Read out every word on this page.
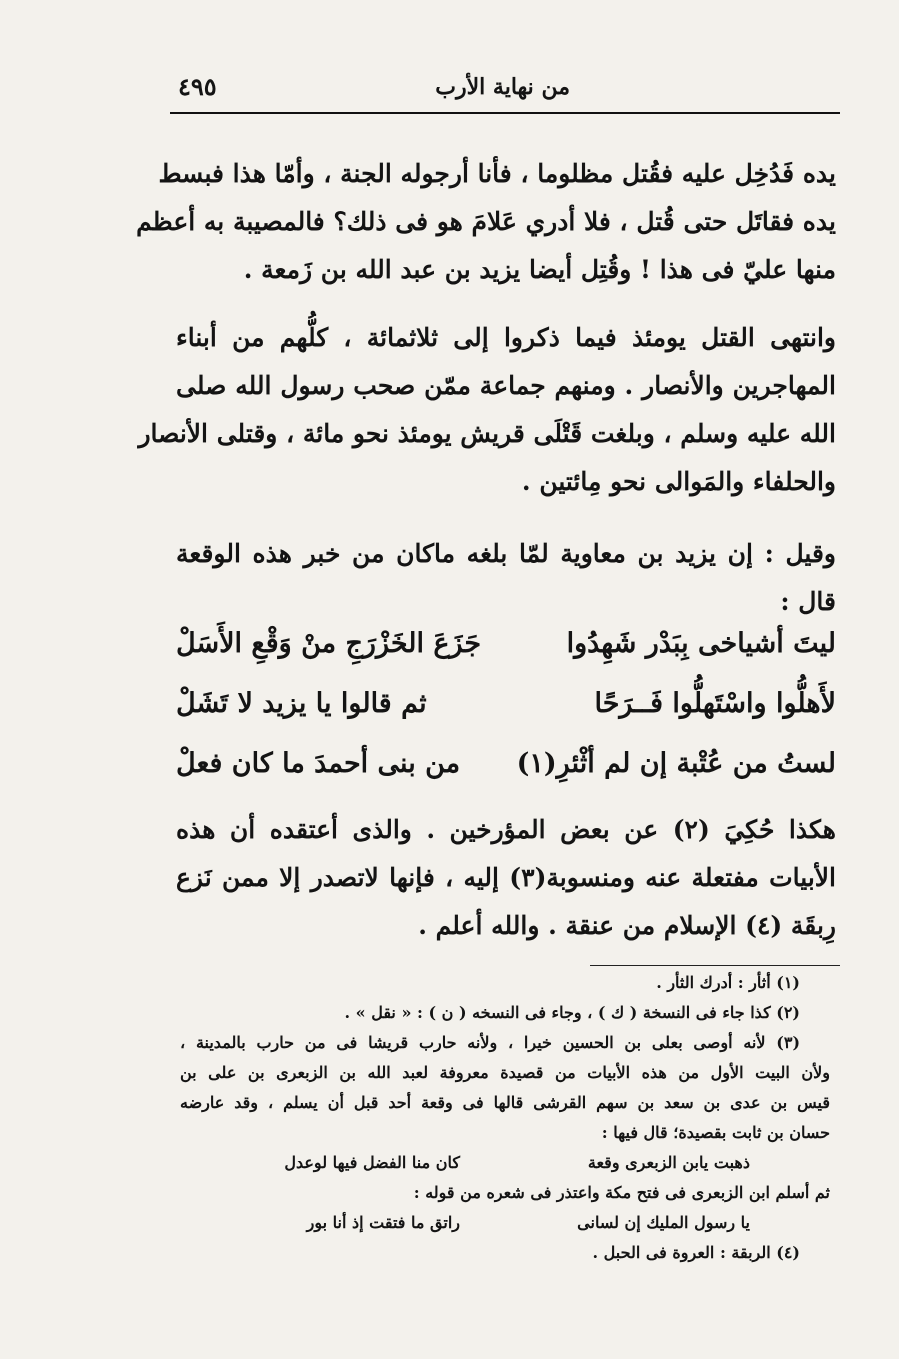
من نهاية الأرب
٤٩٥
يده فَدُخِل عليه فقُتل مظلوما ، فأنا أرجوله الجنة ، وأمّا هذا فبسط
يده فقاتَل حتى قُتل ، فلا أدري عَلامَ هو فى ذلك؟ فالمصيبة به أعظم
منها عليّ فى هذا ! وقُتِل أيضا يزيد بن عبد الله بن زَمعة .
وانتهى القتل يومئذ فيما ذكروا إلى ثلاثمائة ، كلُّهم من أبناء
المهاجرين والأنصار . ومنهم جماعة ممّن صحب رسول الله صلى
الله عليه وسلم ، وبلغت قَتْلَى قريش يومئذ نحو مائة ، وقتلى الأنصار
والحلفاء والمَوالى نحو مِائتين .
وقيل : إن يزيد بن معاوية لمّا بلغه ماكان من خبر هذه الوقعة
قال :
ليتَ أشياخى بِبَدْر شَهِدُوا
جَزَعَ الخَزْرَجِ منْ وَقْعِ الأَسَلْ
لأَهلُّوا واسْتَهلُّوا فَــرَحًا
ثم قالوا يا يزيد لا تَشَلْ
لستُ من عُتْبة إن لم أثْئرِ(١)
من بنى أحمدَ ما كان فعلْ
هكذا حُكِيَ (٢) عن بعض المؤرخين . والذى أعتقده أن هذه
الأبيات مفتعلة عنه ومنسوبة(٣) إليه ، فإنها لاتصدر إلا ممن نَزع
رِبقَة (٤) الإسلام من عنقة . والله أعلم .
(١) أثأر : أدرك الثأر .
(٢) كذا جاء فى النسخة ( ك ) ، وجاء فى النسخه ( ن ) : « نقل » .
(٣) لأنه أوصى بعلى بن الحسين خيرا ، ولأنه حارب قريشا فى من حارب بالمدينة ،
ولأن البيت الأول من هذه الأبيات من قصيدة معروفة لعبد الله بن الزبعرى بن على بن
قيس بن عدى بن سعد بن سهم القرشى قالها فى وقعة أحد قبل أن يسلم ، وقد عارضه
حسان بن ثابت بقصيدة؛ قال فيها :
ذهبت يابن الزبعرى وقعة
كان منا الفضل فيها لوعدل
ثم أسلم ابن الزبعرى فى فتح مكة واعتذر فى شعره من قوله :
يا رسول المليك إن لسانى
راتق ما فتقت إذ أنا بور
(٤) الربقة : العروة فى الحبل .
